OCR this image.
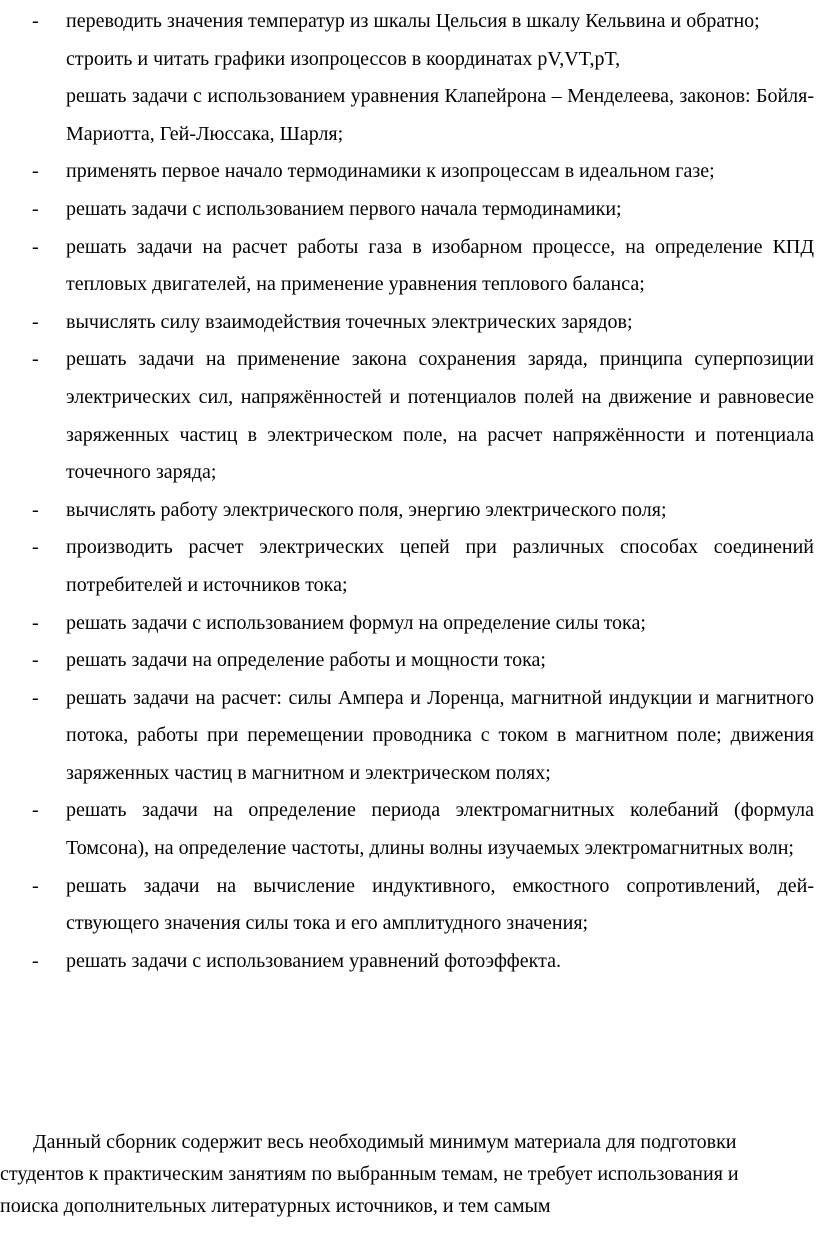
- переводить значения температур из шкалы Цельсия в шкалу Кельвина и обратно;
строить и читать графики изопроцессов в координатах pV,VT,pT,
решать задачи с использованием уравнения Клапейрона – Менделеева, законов: Бойля-Мариотта, Гей-Люссака, Шарля;
- применять первое начало термодинамики к изопроцессам в идеальном газе;
- решать задачи с использованием первого начала термодинамики;
- решать задачи на расчет работы газа в изобарном процессе, на определение КПД тепловых двигателей, на применение уравнения теплового баланса;
- вычислять силу взаимодействия точечных электрических зарядов;
- решать задачи на применение закона сохранения заряда, принципа суперпозиции электрических сил, напряжённостей и потенциалов полей на движение и равновесие заряженных частиц в электрическом поле, на расчет напряжённости и потенциала точечного заряда;
- вычислять работу электрического поля, энергию электрического поля;
- производить расчет электрических цепей при различных способах соединений потребителей и источников тока;
- решать задачи с использованием формул на определение силы тока;
- решать задачи на определение работы и мощности тока;
- решать задачи на расчет: силы Ампера и Лоренца, магнитной индукции и магнитного потока, работы при перемещении проводника с током в магнитном поле; движения заряженных частиц в магнитном и электрическом полях;
- решать задачи на определение периода электромагнитных колебаний (формула Томсона), на определение частоты, длины волны изучаемых электромагнитных волн;
- решать задачи на вычисление индуктивного, емкостного сопротивлений, дей-ствующего значения силы тока и его амплитудного значения;
- решать задачи с использованием уравнений фотоэффекта.

Данный сборник содержит весь необходимый минимум материала для подготовки студентов к практическим занятиям по выбранным темам, не требует использования и поиска дополнительных литературных источников, и тем самым
